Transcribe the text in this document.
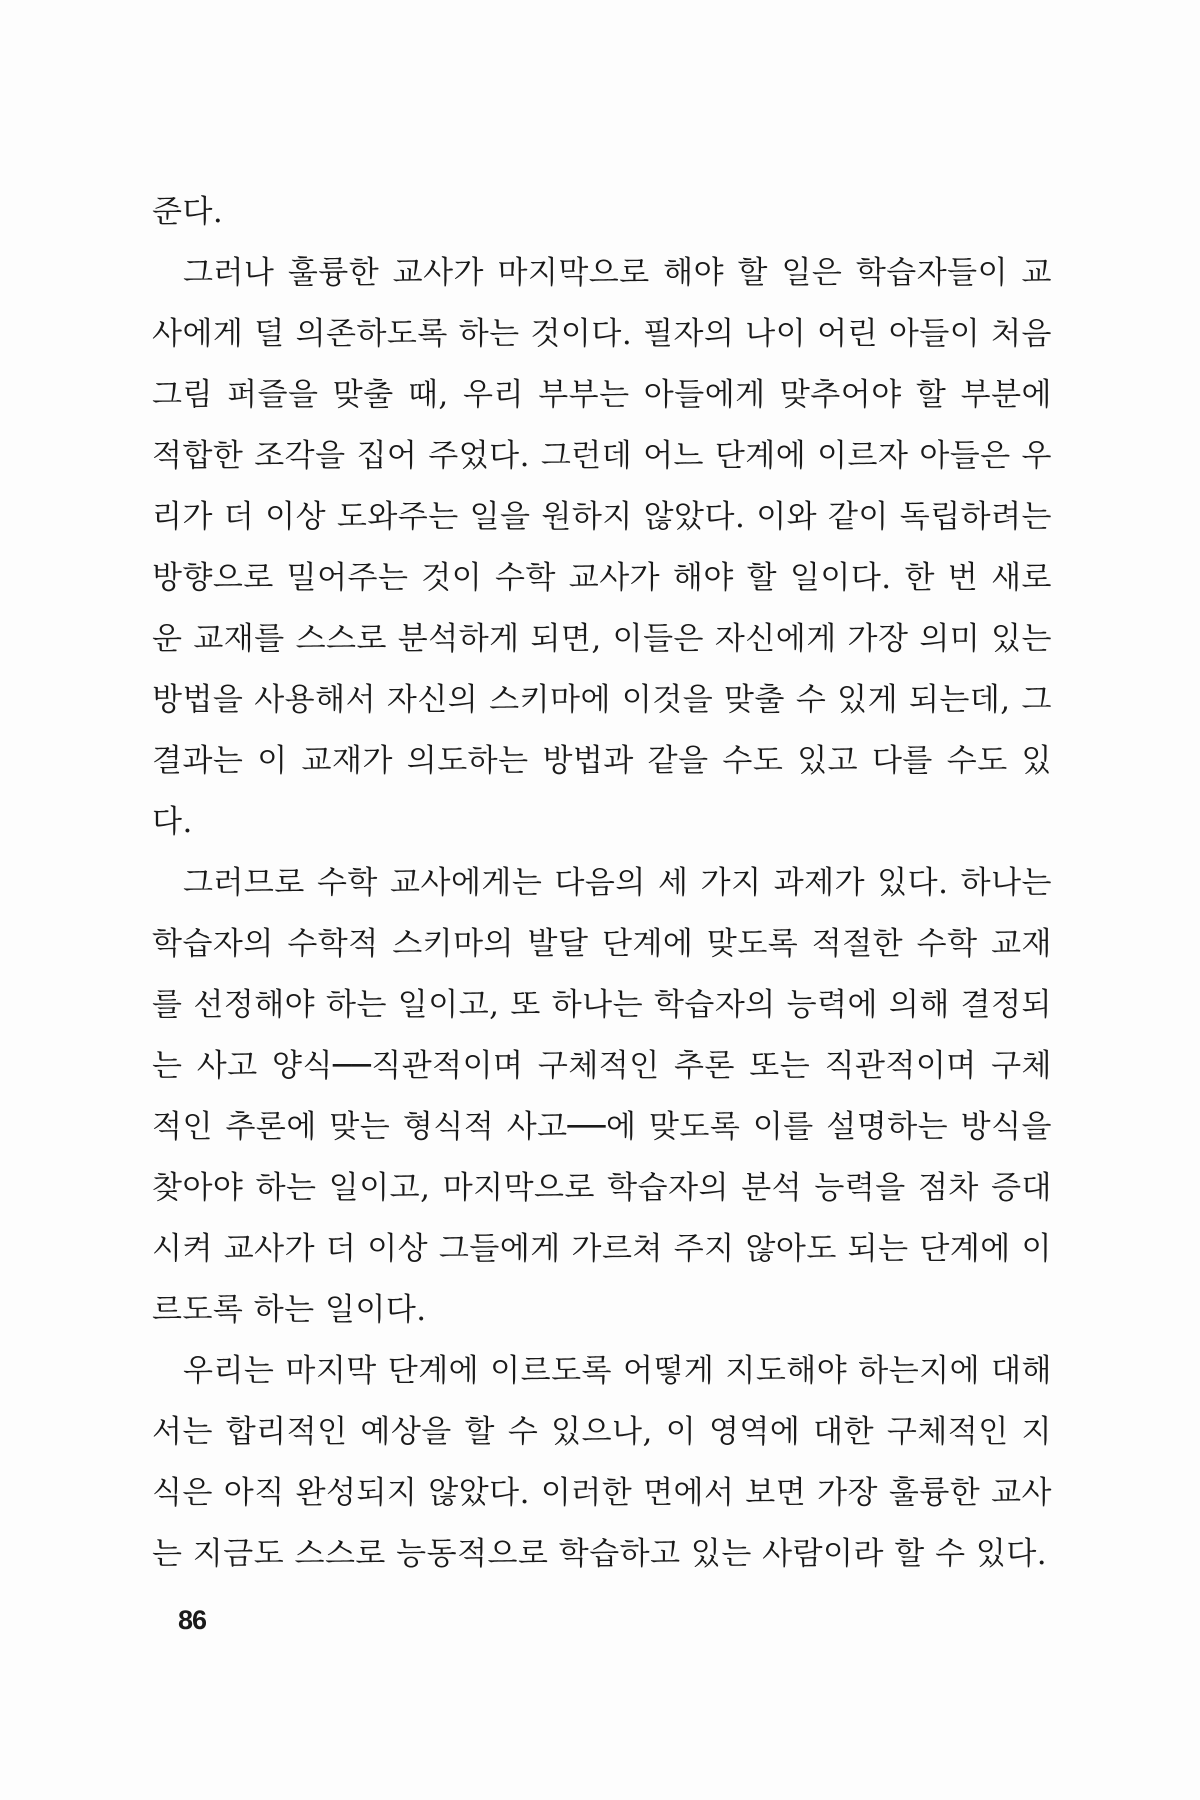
준다.

그러나 훌륭한 교사가 마지막으로 해야 할 일은 학습자들이 교사에게 덜 의존하도록 하는 것이다. 필자의 나이 어린 아들이 처음 그림 퍼즐을 맞출 때, 우리 부부는 아들에게 맞추어야 할 부분에 적합한 조각을 집어 주었다. 그런데 어느 단계에 이르자 아들은 우리가 더 이상 도와주는 일을 원하지 않았다. 이와 같이 독립하려는 방향으로 밀어주는 것이 수학 교사가 해야 할 일이다. 한 번 새로운 교재를 스스로 분석하게 되면, 이들은 자신에게 가장 의미 있는 방법을 사용해서 자신의 스키마에 이것을 맞출 수 있게 되는데, 그 결과는 이 교재가 의도하는 방법과 같을 수도 있고 다를 수도 있다.

그러므로 수학 교사에게는 다음의 세 가지 과제가 있다. 하나는 학습자의 수학적 스키마의 발달 단계에 맞도록 적절한 수학 교재를 선정해야 하는 일이고, 또 하나는 학습자의 능력에 의해 결정되는 사고 양식──직관적이며 구체적인 추론 또는 직관적이며 구체적인 추론에 맞는 형식적 사고──에 맞도록 이를 설명하는 방식을 찾아야 하는 일이고, 마지막으로 학습자의 분석 능력을 점차 증대시켜 교사가 더 이상 그들에게 가르쳐 주지 않아도 되는 단계에 이르도록 하는 일이다.

우리는 마지막 단계에 이르도록 어떻게 지도해야 하는지에 대해서는 합리적인 예상을 할 수 있으나, 이 영역에 대한 구체적인 지식은 아직 완성되지 않았다. 이러한 면에서 보면 가장 훌륭한 교사는 지금도 스스로 능동적으로 학습하고 있는 사람이라 할 수 있다.

86
